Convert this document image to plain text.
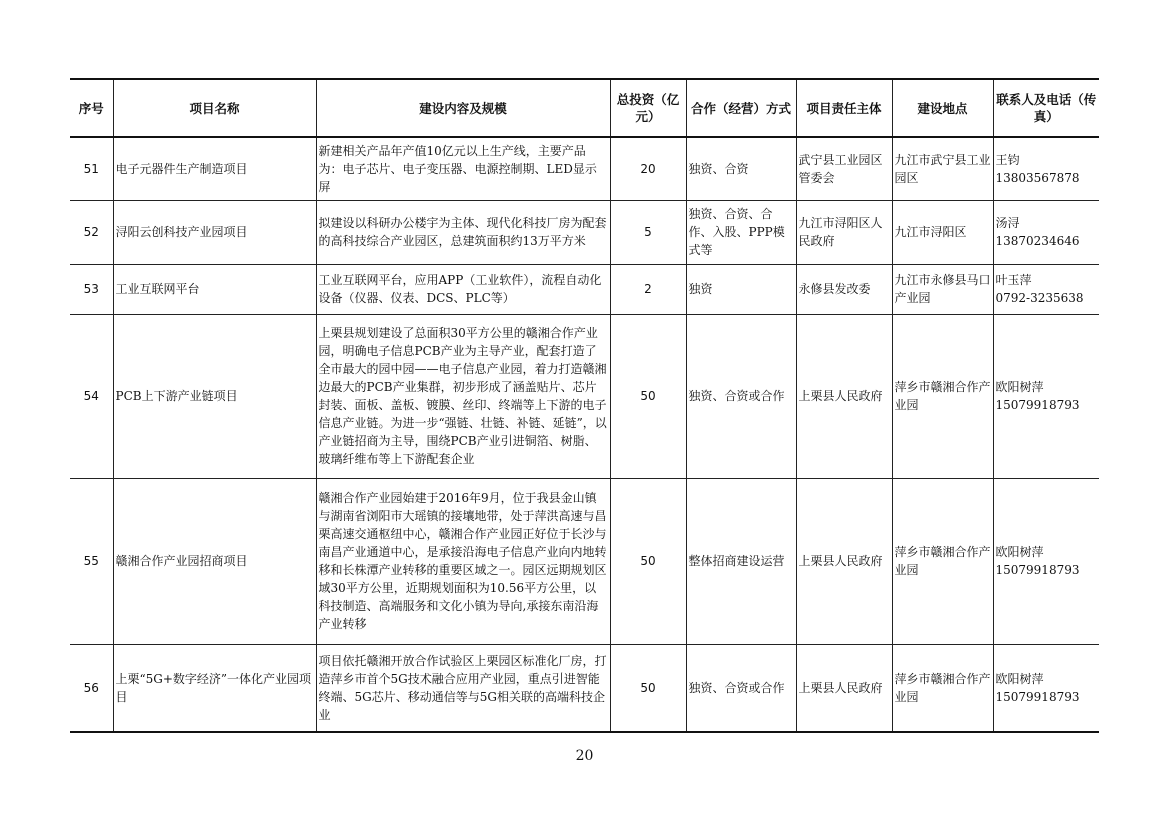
序号	项目名称	建设内容及规模	总投资（亿元）	合作（经营）方式	项目责任主体	建设地点	联系人及电话（传真）
51	电子元器件生产制造项目	新建相关产品年产值10亿元以上生产线，主要产品为：电子芯片、电子变压器、电源控制期、LED显示屏	20	独资、合资	武宁县工业园区管委会	九江市武宁县工业园区	王钧
13803567878

52	浔阳云创科技产业园项目	拟建设以科研办公楼宇为主体、现代化科技厂房为配套的高科技综合产业园区，总建筑面积约13万平方米	5	独资、合资、合作、入股、PPP模式等	九江市浔阳区人民政府	九江市浔阳区	汤浔
13870234646

53	工业互联网平台	工业互联网平台，应用APP（工业软件），流程自动化设备（仪器、仪表、DCS、PLC等）	2	独资	永修县发改委	九江市永修县马口产业园	叶玉萍
0792-3235638

54	PCB上下游产业链项目	上栗县规划建设了总面积30平方公里的赣湘合作产业园，明确电子信息PCB产业为主导产业，配套打造了全市最大的园中园——电子信息产业园，着力打造赣湘边最大的PCB产业集群，初步形成了涵盖贴片、芯片封装、面板、盖板、镀膜、丝印、终端等上下游的电子信息产业链。为进一步“强链、壮链、补链、延链”，以产业链招商为主导，围绕PCB产业引进铜箔、树脂、玻璃纤维布等上下游配套企业	50	独资、合资或合作	上栗县人民政府	萍乡市赣湘合作产业园	欧阳树萍
15079918793

55	赣湘合作产业园招商项目	赣湘合作产业园始建于2016年9月，位于我县金山镇与湖南省浏阳市大瑶镇的接壤地带，处于萍洪高速与昌栗高速交通枢纽中心，赣湘合作产业园正好位于长沙与南昌产业通道中心，是承接沿海电子信息产业向内地转移和长株潭产业转移的重要区域之一。园区远期规划区域30平方公里，近期规划面积为10.56平方公里，以科技制造、高端服务和文化小镇为导向,承接东南沿海产业转移	50	整体招商建设运营	上栗县人民政府	萍乡市赣湘合作产业园	欧阳树萍
15079918793

56	上栗“5G+数字经济”一体化产业园项目	项目依托赣湘开放合作试验区上栗园区标准化厂房，打造萍乡市首个5G技术融合应用产业园，重点引进智能终端、5G芯片、移动通信等与5G相关联的高端科技企业	50	独资、合资或合作	上栗县人民政府	萍乡市赣湘合作产业园	欧阳树萍
15079918793
20
